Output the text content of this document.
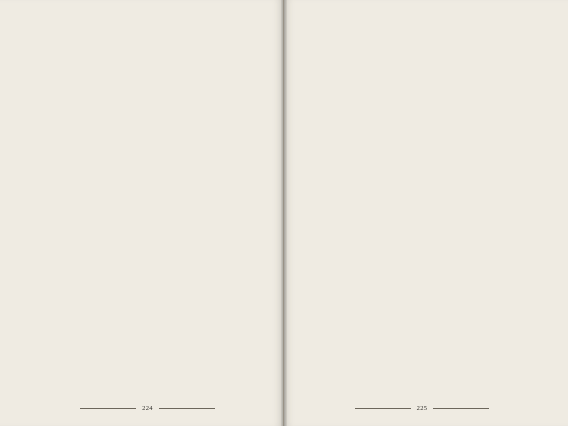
224	225
